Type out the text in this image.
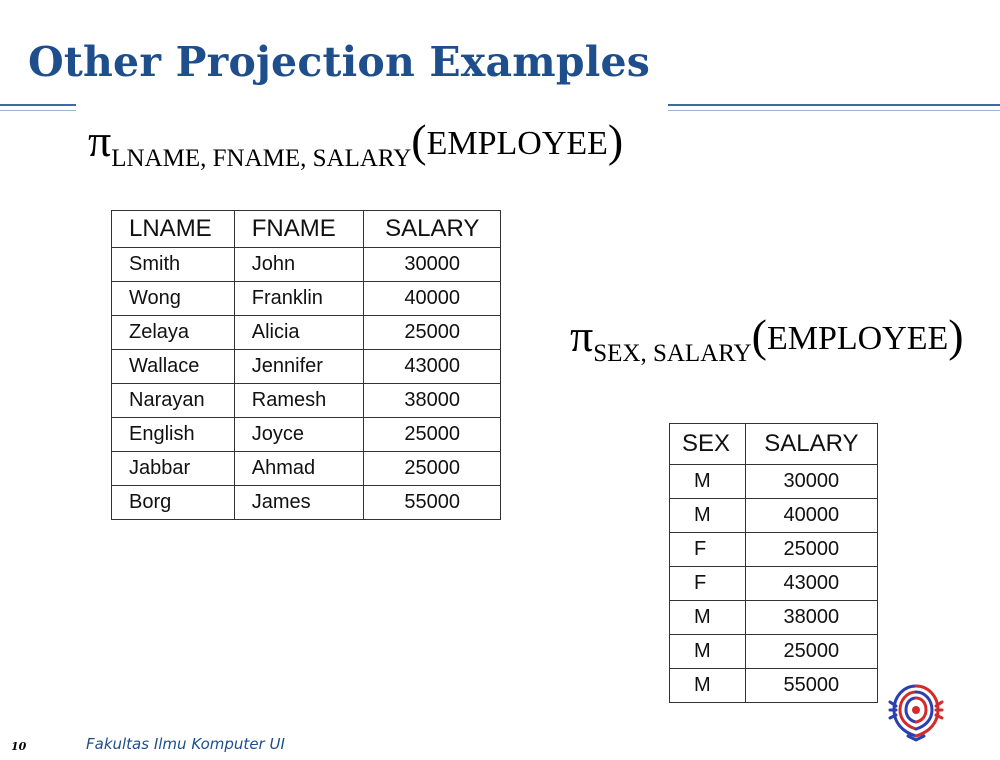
Other Projection Examples
πLNAME, FNAME, SALARY(EMPLOYEE)
LNAME	FNAME	SALARY
Smith	John	30000
Wong	Franklin	40000
Zelaya	Alicia	25000
Wallace	Jennifer	43000
Narayan	Ramesh	38000
English	Joyce	25000
Jabbar	Ahmad	25000
Borg	James	55000
πSEX, SALARY(EMPLOYEE)
SEX	SALARY
M	30000
M	40000
F	25000
F	43000
M	38000
M	25000
M	55000
10	Fakultas Ilmu Komputer UI
